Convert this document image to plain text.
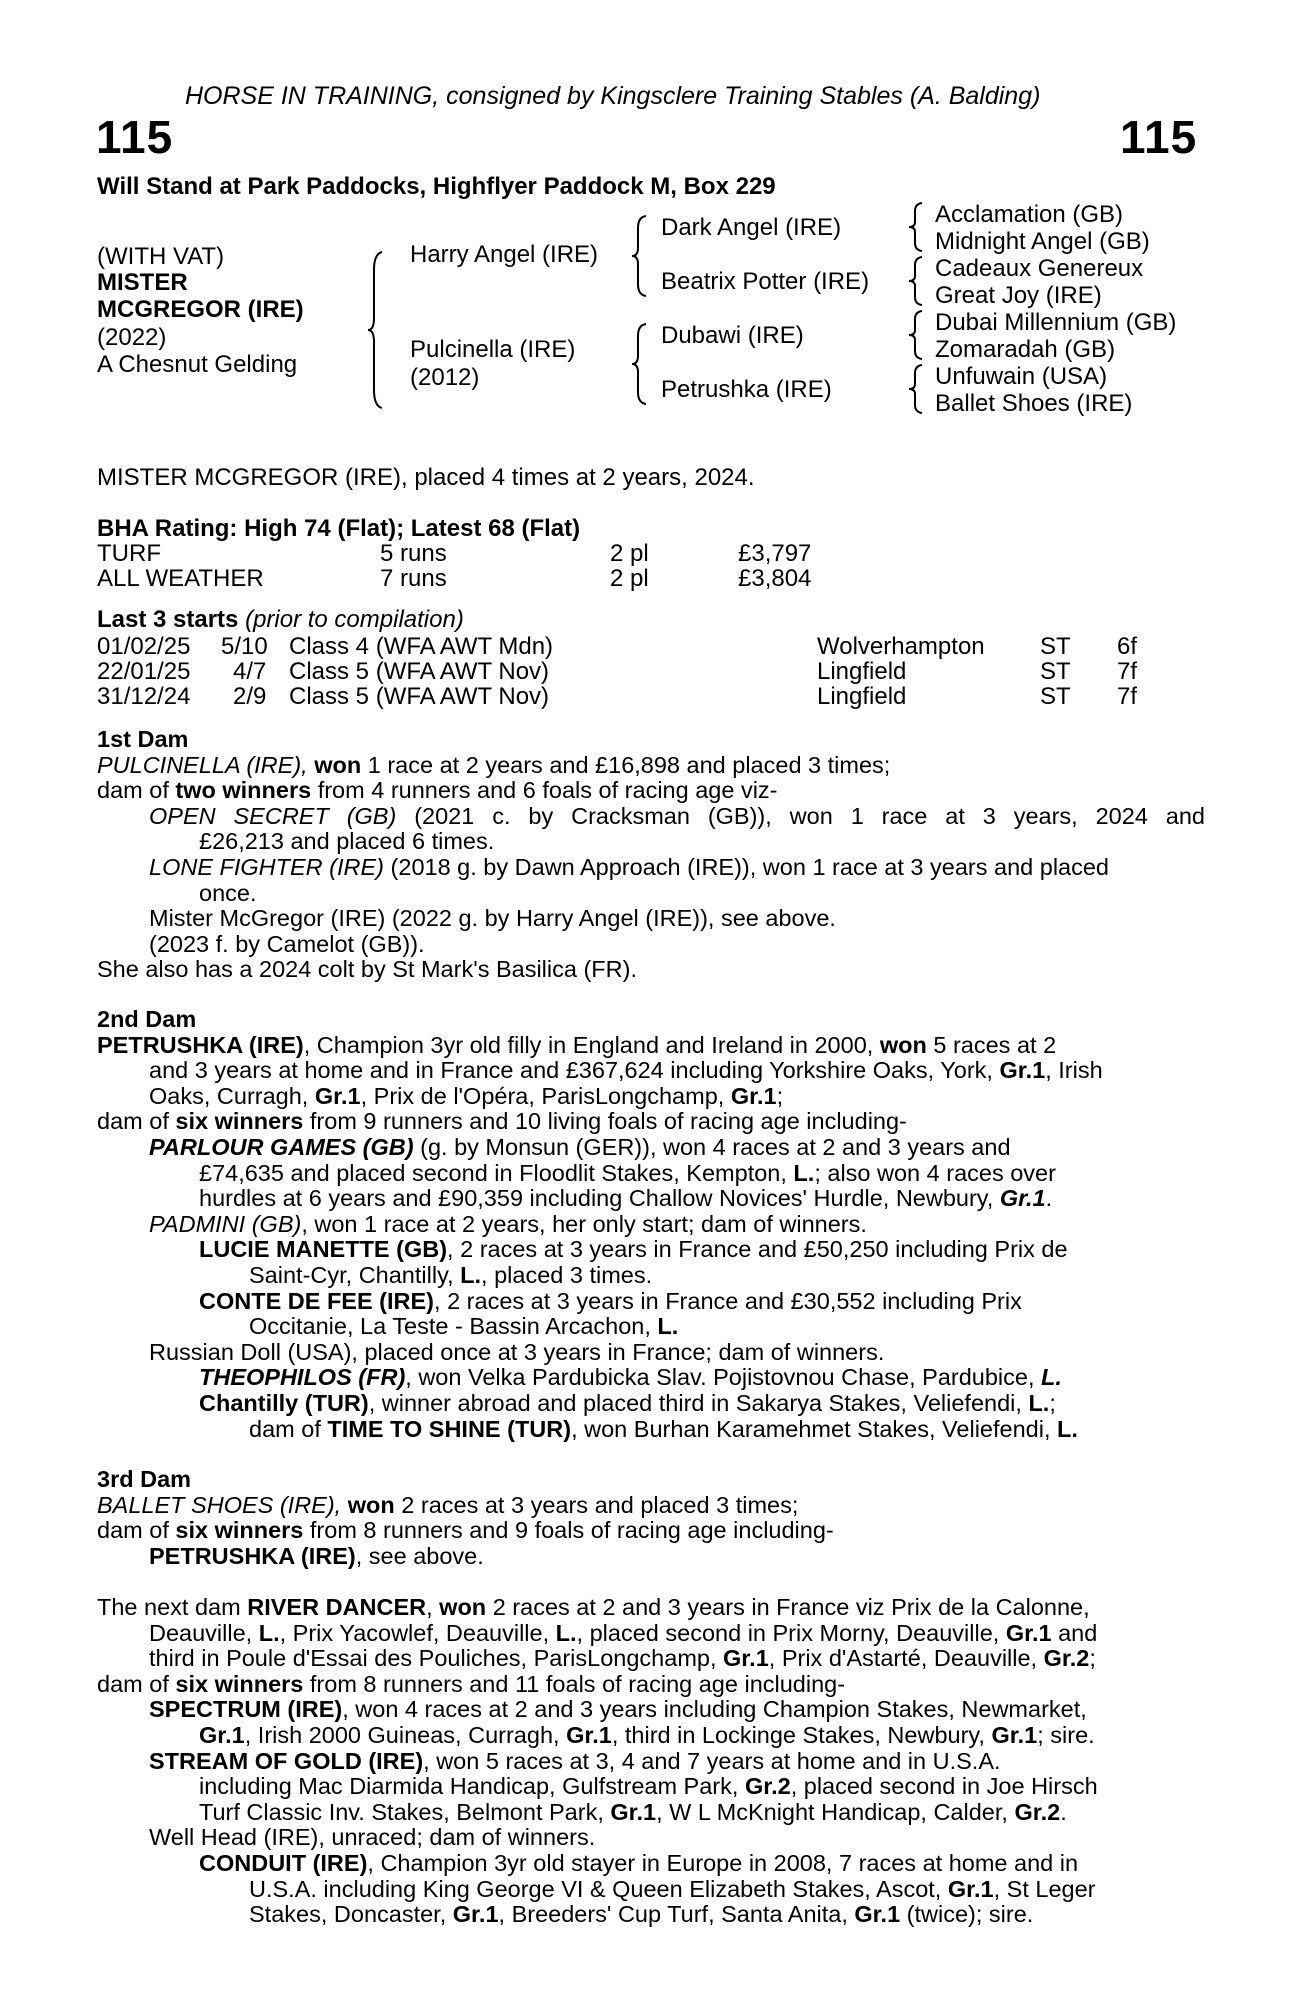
HORSE IN TRAINING, consigned by Kingsclere Training Stables (A. Balding)
115	115
Will Stand at Park Paddocks, Highflyer Paddock M, Box 229
(WITH VAT)
MISTER
MCGREGOR (IRE)
(2022)
A Chesnut Gelding
Harry Angel (IRE)
Pulcinella (IRE)
(2012)
Dark Angel (IRE)
Beatrix Potter (IRE)
Dubawi (IRE)
Petrushka (IRE)
Acclamation (GB)
Midnight Angel (GB)
Cadeaux Genereux
Great Joy (IRE)
Dubai Millennium (GB)
Zomaradah (GB)
Unfuwain (USA)
Ballet Shoes (IRE)
MISTER MCGREGOR (IRE), placed 4 times at 2 years, 2024.
BHA Rating: High 74 (Flat); Latest 68 (Flat)
TURF	5 runs	2 pl	£3,797
ALL WEATHER	7 runs	2 pl	£3,804
Last 3 starts (prior to compilation)
01/02/25 5/10 Class 4 (WFA AWT Mdn)	Wolverhampton ST 6f
22/01/25 4/7 Class 5 (WFA AWT Nov)	Lingfield	ST 7f
31/12/24 2/9 Class 5 (WFA AWT Nov)	Lingfield	ST 7f
1st Dam
PULCINELLA (IRE), won 1 race at 2 years and £16,898 and placed 3 times;
dam of two winners from 4 runners and 6 foals of racing age viz-
OPEN SECRET (GB) (2021 c. by Cracksman (GB)), won 1 race at 3 years, 2024 and
£26,213 and placed 6 times.
LONE FIGHTER (IRE) (2018 g. by Dawn Approach (IRE)), won 1 race at 3 years and placed
once.
Mister McGregor (IRE) (2022 g. by Harry Angel (IRE)), see above.
(2023 f. by Camelot (GB)).
She also has a 2024 colt by St Mark's Basilica (FR).
2nd Dam
PETRUSHKA (IRE), Champion 3yr old filly in England and Ireland in 2000, won 5 races at 2
and 3 years at home and in France and £367,624 including Yorkshire Oaks, York, Gr.1, Irish
Oaks, Curragh, Gr.1, Prix de l'Opéra, ParisLongchamp, Gr.1;
dam of six winners from 9 runners and 10 living foals of racing age including-
PARLOUR GAMES (GB) (g. by Monsun (GER)), won 4 races at 2 and 3 years and
£74,635 and placed second in Floodlit Stakes, Kempton, L.; also won 4 races over
hurdles at 6 years and £90,359 including Challow Novices' Hurdle, Newbury, Gr.1.
PADMINI (GB), won 1 race at 2 years, her only start; dam of winners.
LUCIE MANETTE (GB), 2 races at 3 years in France and £50,250 including Prix de
Saint-Cyr, Chantilly, L., placed 3 times.
CONTE DE FEE (IRE), 2 races at 3 years in France and £30,552 including Prix
Occitanie, La Teste - Bassin Arcachon, L.
Russian Doll (USA), placed once at 3 years in France; dam of winners.
THEOPHILOS (FR), won Velka Pardubicka Slav. Pojistovnou Chase, Pardubice, L.
Chantilly (TUR), winner abroad and placed third in Sakarya Stakes, Veliefendi, L.;
dam of TIME TO SHINE (TUR), won Burhan Karamehmet Stakes, Veliefendi, L.
3rd Dam
BALLET SHOES (IRE), won 2 races at 3 years and placed 3 times;
dam of six winners from 8 runners and 9 foals of racing age including-
PETRUSHKA (IRE), see above.
The next dam RIVER DANCER, won 2 races at 2 and 3 years in France viz Prix de la Calonne,
Deauville, L., Prix Yacowlef, Deauville, L., placed second in Prix Morny, Deauville, Gr.1 and
third in Poule d'Essai des Pouliches, ParisLongchamp, Gr.1, Prix d'Astarté, Deauville, Gr.2;
dam of six winners from 8 runners and 11 foals of racing age including-
SPECTRUM (IRE), won 4 races at 2 and 3 years including Champion Stakes, Newmarket,
Gr.1, Irish 2000 Guineas, Curragh, Gr.1, third in Lockinge Stakes, Newbury, Gr.1; sire.
STREAM OF GOLD (IRE), won 5 races at 3, 4 and 7 years at home and in U.S.A.
including Mac Diarmida Handicap, Gulfstream Park, Gr.2, placed second in Joe Hirsch
Turf Classic Inv. Stakes, Belmont Park, Gr.1, W L McKnight Handicap, Calder, Gr.2.
Well Head (IRE), unraced; dam of winners.
CONDUIT (IRE), Champion 3yr old stayer in Europe in 2008, 7 races at home and in
U.S.A. including King George VI & Queen Elizabeth Stakes, Ascot, Gr.1, St Leger
Stakes, Doncaster, Gr.1, Breeders' Cup Turf, Santa Anita, Gr.1 (twice); sire.
